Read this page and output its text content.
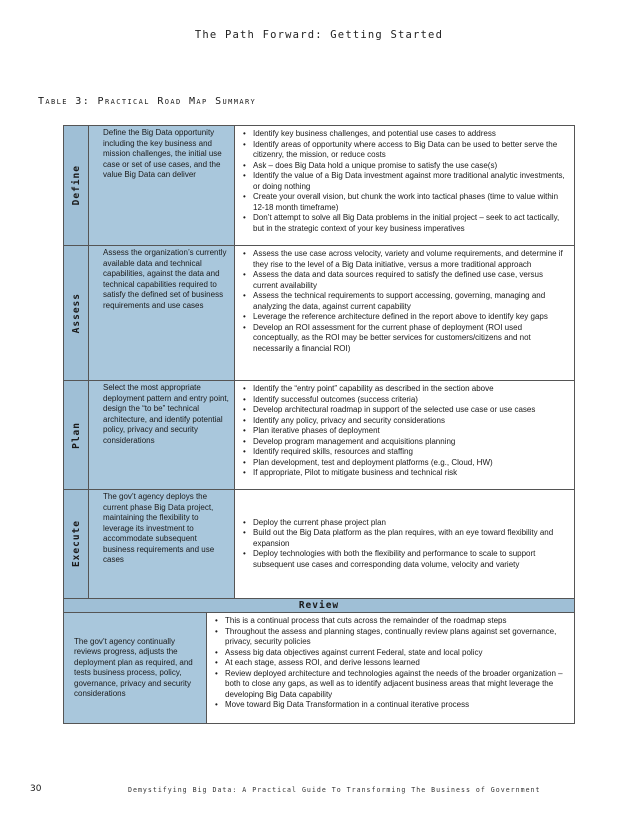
The Path Forward: Getting Started
Table 3: Practical Road Map Summary
Define
Define the Big Data opportunity including the key business and mission challenges, the initial use case or set of use cases, and the value Big Data can deliver
• Identify key business challenges, and potential use cases to address
• Identify areas of opportunity where access to Big Data can be used to better serve the citizenry, the mission, or reduce costs
• Ask – does Big Data hold a unique promise to satisfy the use case(s)
• Identify the value of a Big Data investment against more traditional analytic investments, or doing nothing
• Create your overall vision, but chunk the work into tactical phases (time to value within 12-18 month timeframe)
• Don’t attempt to solve all Big Data problems in the initial project – seek to act tactically, but in the strategic context of your key business imperatives
Assess
Assess the organization’s currently available data and technical capabilities, against the data and technical capabilities required to satisfy the defined set of business requirements and use cases
• Assess the use case across velocity, variety and volume requirements, and determine if they rise to the level of a Big Data initiative, versus a more traditional approach
• Assess the data and data sources required to satisfy the defined use case, versus current availability
• Assess the technical requirements to support accessing, governing, managing and analyzing the data, against current capability
• Leverage the reference architecture defined in the report above to identify key gaps
• Develop an ROI assessment for the current phase of deployment (ROI used conceptually, as the ROI may be better services for customers/citizens and not necessarily a financial ROI)
Plan
Select the most appropriate deployment pattern and entry point, design the “to be” technical architecture, and identify potential policy, privacy and security considerations
• Identify the “entry point” capability as described in the section above
• Identify successful outcomes (success criteria)
• Develop architectural roadmap in support of the selected use case or use cases
• Identify any policy, privacy and security considerations
• Plan iterative phases of deployment
• Develop program management and acquisitions planning
• Identify required skills, resources and staffing
• Plan development, test and deployment platforms (e.g., Cloud, HW)
• If appropriate, Pilot to mitigate business and technical risk
Execute
The gov’t agency deploys the current phase Big Data project, maintaining the flexibility to leverage its investment to accommodate subsequent business requirements and use cases
• Deploy the current phase project plan
• Build out the Big Data platform as the plan requires, with an eye toward flexibility and expansion
• Deploy technologies with both the flexibility and performance to scale to support subsequent use cases and corresponding data volume, velocity and variety
Review
The gov’t agency continually reviews progress, adjusts the deployment plan as required, and tests business process, policy, governance, privacy and security considerations
• This is a continual process that cuts across the remainder of the roadmap steps
• Throughout the assess and planning stages, continually review plans against set governance, privacy, security policies
• Assess big data objectives against current Federal, state and local policy
• At each stage, assess ROI, and derive lessons learned
• Review deployed architecture and technologies against the needs of the broader organization – both to close any gaps, as well as to identify adjacent business areas that might leverage the developing Big Data capability
• Move toward Big Data Transformation in a continual iterative process
30	Demystifying Big Data: A Practical Guide To Transforming The Business of Government
